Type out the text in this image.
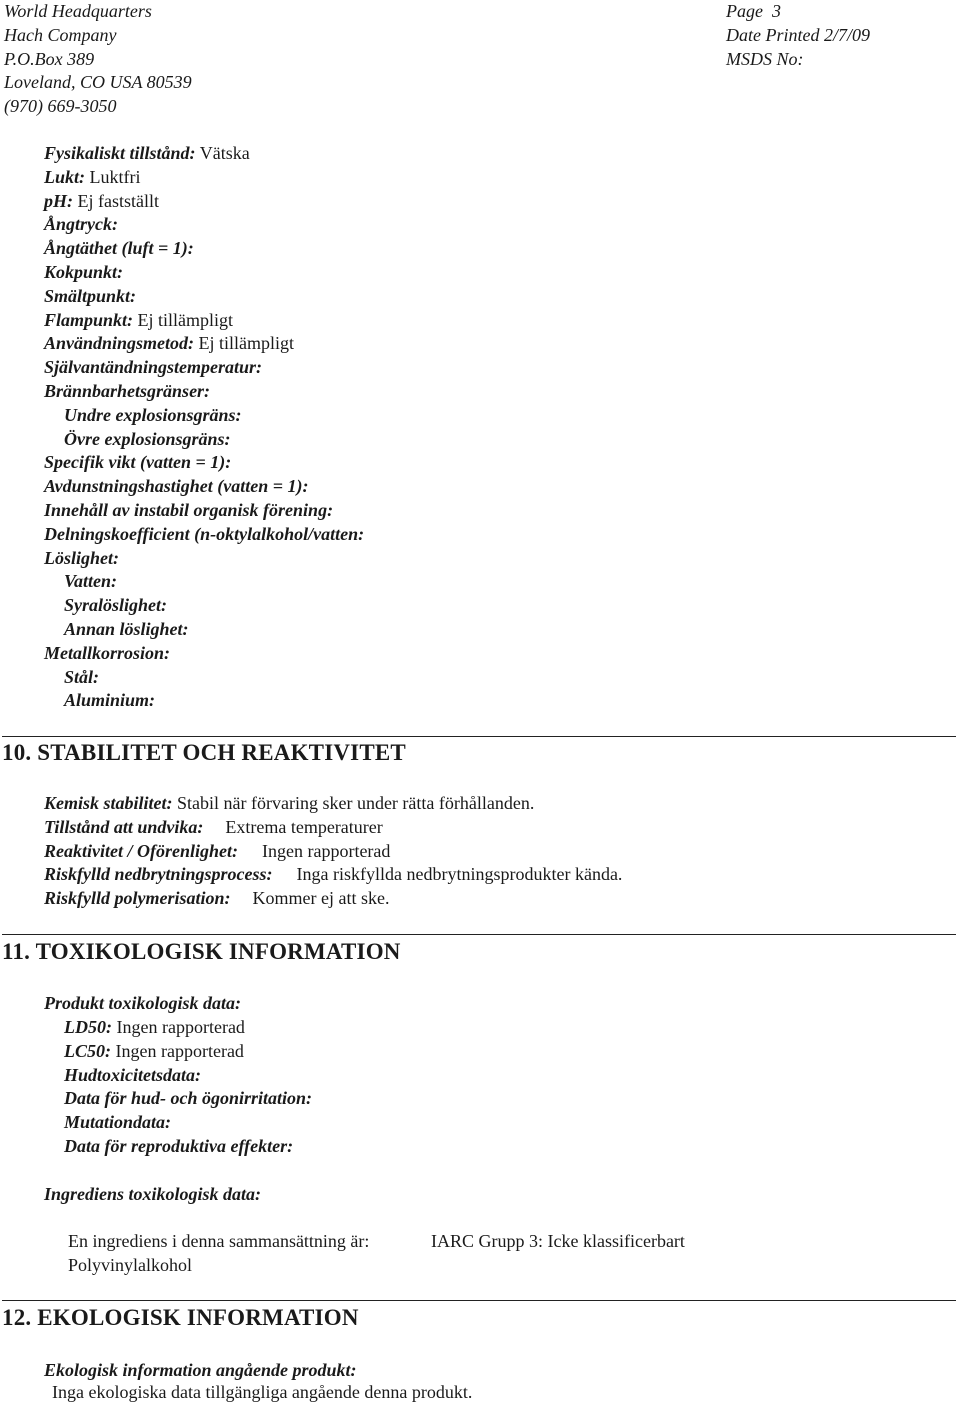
World Headquarters
Hach Company
P.O.Box 389
Loveland, CO USA 80539
(970) 669-3050
Page  3
Date Printed 2/7/09
MSDS No:
Fysikaliskt tillstånd: Vätska
Lukt: Luktfri
pH: Ej fastställt
Ångtryck:
Ångtäthet (luft = 1):
Kokpunkt:
Smältpunkt:
Flampunkt: Ej tillämpligt
Användningsmetod: Ej tillämpligt
Självantändningstemperatur:
Brännbarhetsgränser:
Undre explosionsgräns:
Övre explosionsgräns:
Specifik vikt (vatten = 1):
Avdunstningshastighet (vatten = 1):
Innehåll av instabil organisk förening:
Delningskoefficient (n-oktylalkohol/vatten:
Löslighet:
Vatten:
Syralöslighet:
Annan löslighet:
Metallkorrosion:
Stål:
Aluminium:
10. STABILITET OCH REAKTIVITET
Kemisk stabilitet: Stabil när förvaring sker under rätta förhållanden.
Tillstånd att undvika: Extrema temperaturer
Reaktivitet / Oförenlighet: Ingen rapporterad
Riskfylld nedbrytningsprocess: Inga riskfyllda nedbrytningsprodukter kända.
Riskfylld polymerisation: Kommer ej att ske.
11. TOXIKOLOGISK INFORMATION
Produkt toxikologisk data:
LD50: Ingen rapporterad
LC50: Ingen rapporterad
Hudtoxicitetsdata:
Data för hud- och ögonirritation:
Mutationdata:
Data för reproduktiva effekter:
Ingrediens toxikologisk data:
En ingrediens i denna sammansättning är:	IARC Grupp 3: Icke klassificerbart
Polyvinylalkohol
12. EKOLOGISK INFORMATION
Ekologisk information angående produkt:
Inga ekologiska data tillgängliga angående denna produkt.
